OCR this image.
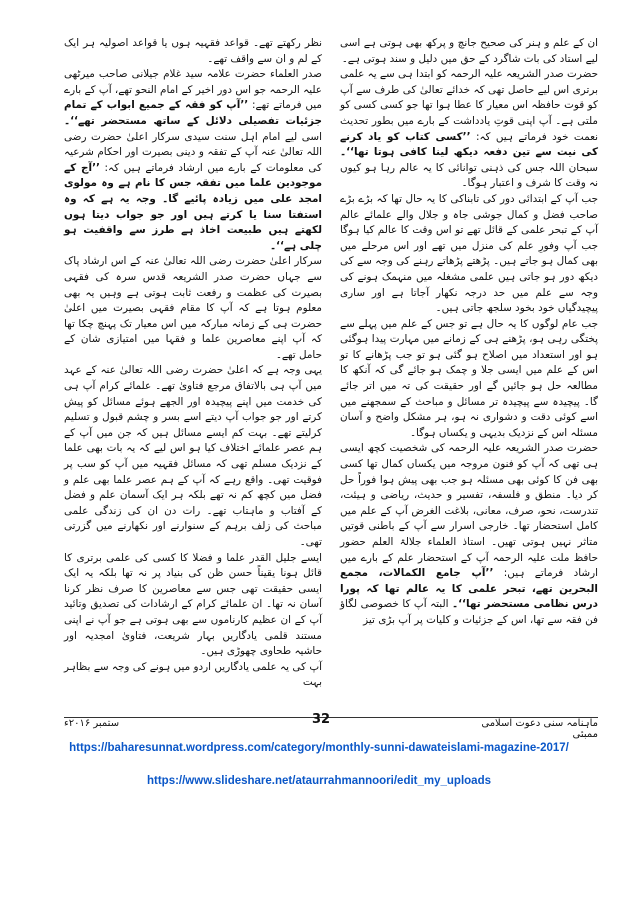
ان کے علم و ہنر کی صحیح جانچ و پرکھ بھی ہوتی ہے اسی لیے استاد کی بات شاگرد کے حق میں دلیل و سند ہوتی ہے۔

حضرت صدر الشریعہ علیہ الرحمہ کو ابتدا ہی سے یہ علمی برتری اس لیے حاصل تھی کہ خدائے تعالیٰ کی طرف سے آپ کو قوت حافظہ اس معیار کا عطا ہوا تھا جو کسی کسی کو ملتی ہے۔ آپ اپنی قوتِ یادداشت کے بارے میں بطور تحدیث نعمت خود فرماتے ہیں کہ: ’’کسی کتاب کو یاد کرنے کی نیت سے تین دفعہ دیکھ لینا کافی ہوتا تھا‘‘۔ سبحان اللہ جس کی ذہنی توانائی کا یہ عالم رہا ہو کیوں نہ وقت کا شرف و اعتبار ہوگا۔

جب آپ کے ابتدائی دور کی تابناکی کا یہ حال تھا کہ بڑے بڑے صاحب فضل و کمال جوشی جاہ و جلال والے علمائے عالم آپ کے تبحر علمی کے قائل تھے تو اس وقت کا عالم کیا ہوگا جب آپ وفورِ علم کی منزل میں تھے اور اس مرحلے میں بھی کمال ہو جاتے ہیں۔ پڑھتے پڑھاتے رہنے کی وجہ سے کی دیکھ دور ہو جاتی ہیں علمی مشغلہ میں منہمک ہونے کی وجہ سے علم میں حد درجہ نکھار آجاتا ہے اور ساری پیچیدگیاں خود بخود سلجھ جاتی ہیں۔

جب عام لوگوں کا یہ حال ہے تو جس کے علم میں پہلے سے پختگی رہی ہو، پڑھنے ہی کے زمانے میں مہارت پیدا ہوگئی ہو اور استعداد میں اصلاح ہو گئی ہو تو جب پڑھانے کا تو اس کے علم میں ایسی جلا و چمک ہو جائے گی کہ آنکھ کا مطالعہ حل ہو جائیں گے اور حقیقت کی تہ میں اتر جائے گا۔ پیچیدہ سے پیچیدہ تر مسائل و مباحث کے سمجھنے میں اسے کوئی دقت و دشواری نہ ہو، ہر مشکل واضح و آسان مسئلہ اس کے نزدیک بدیہی و یکساں ہوگا۔

حضرت صدر الشریعہ علیہ الرحمہ کی شخصیت کچھ ایسی ہی تھی کہ آپ کو فنون مروجہ میں یکساں کمال تھا کسی بھی فن کا کوئی بھی مسئلہ ہو جب بھی پیش ہوا فوراً حل کر دیا۔ منطق و فلسفہ، تفسیر و حدیث، ریاضی و ہیئت، تندرست، نحو، صرف، معانی، بلاغت الغرض آپ کے علم میں کامل استحضار تھا۔ خارجی اسرار سے آپ کے باطنی قوتیں متاثر نہیں ہوتی تھیں۔ استاذ العلماء جلالۃ العلم حضور حافظ ملت علیہ الرحمہ آپ کے استحضار علم کے بارے میں ارشاد فرماتے ہیں: ’’آپ جامع الکمالات، مجمع البحرین تھے، تبحر علمی کا یہ عالم تھا کہ پورا درس نظامی مستحضر تھا‘‘۔ البتہ آپ کا خصوصی لگاؤ فن فقہ سے تھا، اس کے جزئیات و کلیات پر آپ بڑی تیز

نظر رکھتے تھے۔ قواعد فقہیہ ہوں یا قواعد اصولیہ ہر ایک کے لم و ان سے واقف تھے۔

صدر العلماء حضرت علامہ سید غلام جیلانی صاحب میرٹھی علیہ الرحمہ جو اس دور اخیر کے امام النحو تھے، آپ کے بارے میں فرماتے تھے: ’’آپ کو فقہ کے جمیع ابواب کے تمام جزئیات تفصیلی دلائل کے ساتھ مستحضر تھے‘‘۔ اسی لیے امام اہل سنت سیدی سرکار اعلیٰ حضرت رضی اللہ تعالیٰ عنہ آپ کے تفقہ و دینی بصیرت اور احکام شرعیہ کی معلومات کے بارے میں ارشاد فرماتے ہیں کہ: ’’آج کے موجودین علما میں تفقہ جس کا نام ہے وہ مولوی امجد علی میں زیادہ پائیے گا۔ وجہ یہ ہے کہ وہ استفتا سنا یا کرتے ہیں اور جو جواب دیتا ہوں لکھتے ہیں طبیعت اخاذ ہے طرز سے واقفیت ہو چلی ہے‘‘۔

سرکار اعلیٰ حضرت رضی اللہ تعالیٰ عنہ کے اس ارشاد پاک سے جہاں حضرت صدر الشریعہ قدس سرہ کی فقہی بصیرت کی عظمت و رفعت ثابت ہوتی ہے وہیں یہ بھی معلوم ہوتا ہے کہ آپ کا مقام فقہی بصیرت میں اعلیٰ حضرت ہی کے زمانہ مبارکہ میں اس معیار تک پہنچ چکا تھا کہ آپ اپنے معاصرین علما و فقہا میں امتیازی شان کے حامل تھے۔

یہی وجہ ہے کہ اعلیٰ حضرت رضی اللہ تعالیٰ عنہ کے عہد میں آپ ہی بالاتفاق مرجع فتاویٰ تھے۔ علمائے کرام آپ ہی کی خدمت میں اپنے پیچیدہ اور الجھے ہوئے مسائل کو پیش کرتے اور جو جواب آپ دیتے اسے بسر و چشم قبول و تسلیم کرلیتے تھے۔ بہت کم ایسے مسائل ہیں کہ جن میں آپ کے ہم عصر علمائے اختلاف کیا ہو اس لیے کہ یہ بات بھی علما کے نزدیک مسلم تھی کہ مسائل فقہیہ میں آپ کو سب پر فوقیت تھی۔ واقع رہے کہ آپ کے ہم عصر علما بھی علم و فضل میں کچھ کم نہ تھے بلکہ ہر ایک آسمان علم و فضل کے آفتاب و ماہتاب تھے۔ رات دن ان کی زندگی علمی مباحث کی زلف برہم کے سنوارنے اور نکھارنے میں گزرتی تھی۔

ایسے جلیل القدر علما و فضلا کا کسی کی علمی برتری کا قائل ہونا یقیناً حسن ظن کی بنیاد پر نہ تھا بلکہ یہ ایک ایسی حقیقت تھی جس سے معاصرین کا صرف نظر کرنا آسان نہ تھا۔ ان علمائے کرام کے ارشادات کی تصدیق وتائید آپ کے ان عظیم کارناموں سے بھی ہوتی ہے جو آپ نے اپنی مستند قلمی یادگاریں بہار شریعت، فتاویٰ امجدیہ اور حاشیہ طحاوی چھوڑی ہیں۔

آپ کی یہ علمی یادگاریں اردو میں ہونے کی وجہ سے بظاہر بہت

ماہنامہ سنی دعوت اسلامی ممبئی
32
ستمبر ۲۰۱۶ء
https://baharesunnat.wordpress.com/category/monthly-sunni-dawateislami-magazine-2017/
https://www.slideshare.net/ataurrahmannoori/edit_my_uploads
